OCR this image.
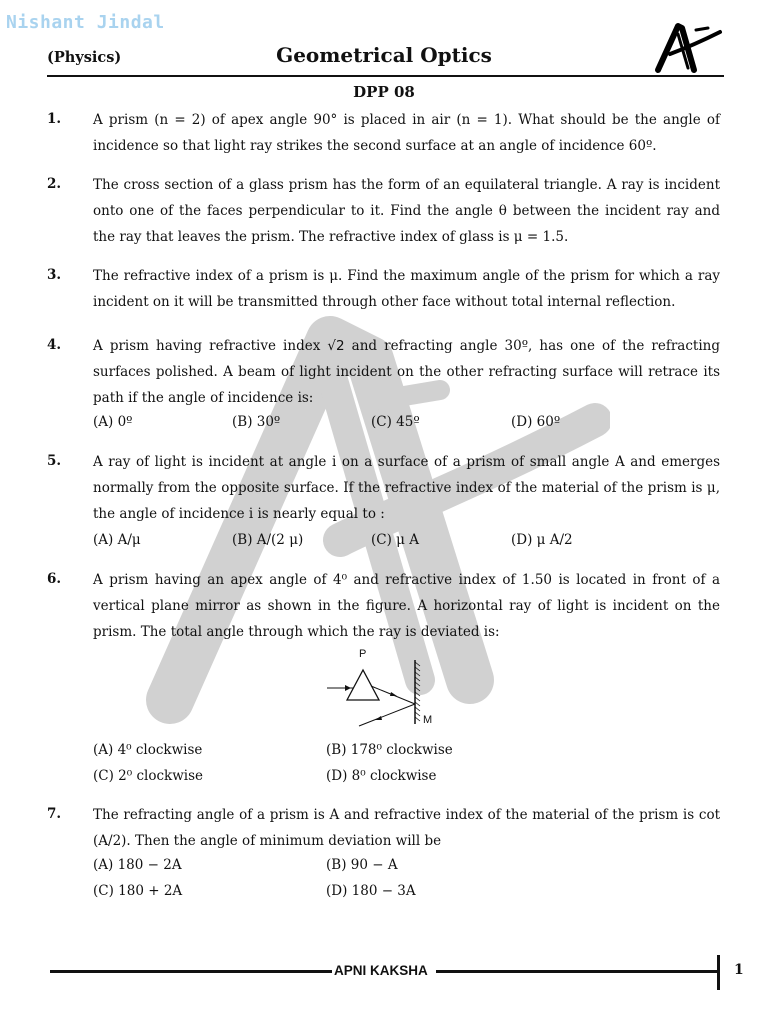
Nishant Jindal
(Physics)	Geometrical Optics
DPP 08
1. A prism (n = 2) of apex angle 90° is placed in air (n = 1). What should be the angle of incidence so that light ray strikes the second surface at an angle of incidence 60º.
2. The cross section of a glass prism has the form of an equilateral triangle. A ray is incident onto one of the faces perpendicular to it. Find the angle θ between the incident ray and the ray that leaves the prism. The refractive index of glass is μ = 1.5.
3. The refractive index of a prism is μ. Find the maximum angle of the prism for which a ray incident on it will be transmitted through other face without total internal reflection.
4. A prism having refractive index √2 and refracting angle 30º, has one of the refracting surfaces polished. A beam of light incident on the other refracting surface will retrace its path if the angle of incidence is:
(A) 0º	(B) 30º	(C) 45º	(D) 60º
5. A ray of light is incident at angle i on a surface of a prism of small angle A and emerges normally from the opposite surface. If the refractive index of the material of the prism is μ, the angle of incidence i is nearly equal to :
(A) A/μ	(B) A/(2 μ)	(C) μ A	(D) μ A/2
6. A prism having an apex angle of 4⁰ and refractive index of 1.50 is located in front of a vertical plane mirror as shown in the figure. A horizontal ray of light is incident on the prism. The total angle through which the ray is deviated is:
P
M
(A) 4⁰ clockwise	(B) 178⁰ clockwise
(C) 2⁰ clockwise	(D) 8⁰ clockwise
7. The refracting angle of a prism is A and refractive index of the material of the prism is cot (A/2). Then the angle of minimum deviation will be
(A) 180 − 2A	(B) 90 − A
(C) 180 + 2A	(D) 180 − 3A
APNI KAKSHA	1
